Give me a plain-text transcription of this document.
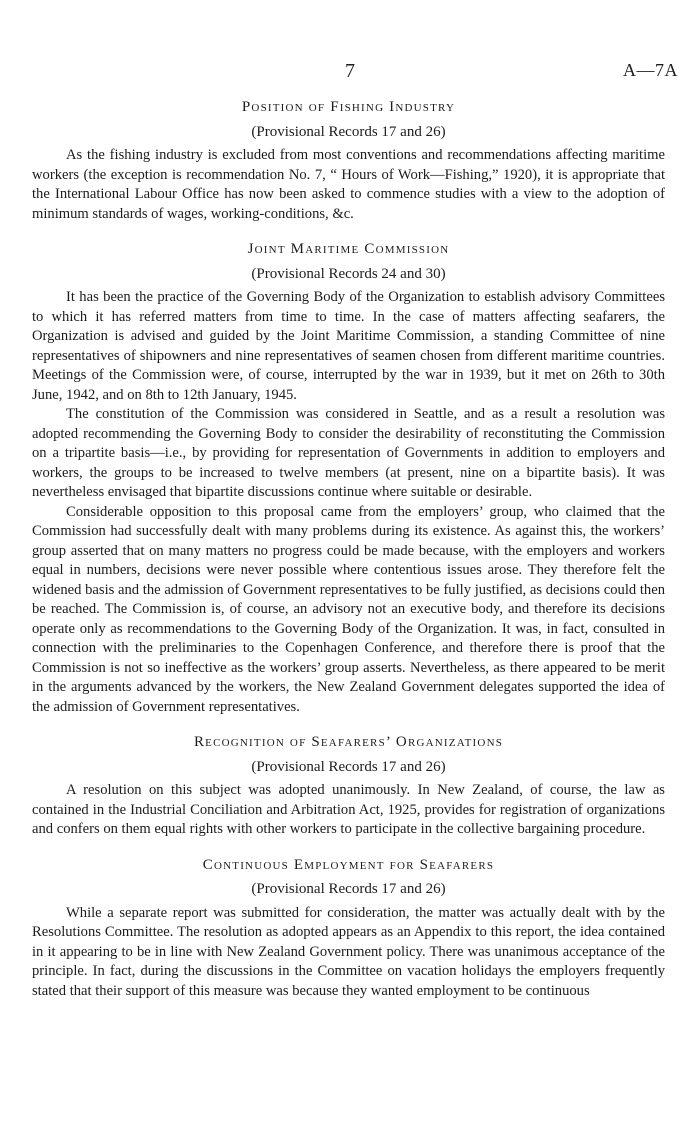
7	A—7A
Position of Fishing Industry
(Provisional Records 17 and 26)

As the fishing industry is excluded from most conventions and recommendations affecting maritime workers (the exception is recommendation No. 7, “ Hours of Work—Fishing,” 1920), it is appropriate that the International Labour Office has now been asked to commence studies with a view to the adoption of minimum standards of wages, working-conditions, &c.

Joint Maritime Commission
(Provisional Records 24 and 30)

It has been the practice of the Governing Body of the Organization to establish advisory Committees to which it has referred matters from time to time. In the case of matters affecting seafarers, the Organization is advised and guided by the Joint Maritime Commission, a standing Committee of nine representatives of shipowners and nine representatives of seamen chosen from different maritime countries. Meetings of the Commission were, of course, interrupted by the war in 1939, but it met on 26th to 30th June, 1942, and on 8th to 12th January, 1945.

The constitution of the Commission was considered in Seattle, and as a result a resolution was adopted recommending the Governing Body to consider the desirability of reconstituting the Commission on a tripartite basis—i.e., by providing for representation of Governments in addition to employers and workers, the groups to be increased to twelve members (at present, nine on a bipartite basis). It was nevertheless envisaged that bipartite discussions continue where suitable or desirable.

Considerable opposition to this proposal came from the employers’ group, who claimed that the Commission had successfully dealt with many problems during its existence. As against this, the workers’ group asserted that on many matters no progress could be made because, with the employers and workers equal in numbers, decisions were never possible where contentious issues arose. They therefore felt the widened basis and the admission of Government representatives to be fully justified, as decisions could then be reached. The Commission is, of course, an advisory not an executive body, and therefore its decisions operate only as recommendations to the Governing Body of the Organization. It was, in fact, consulted in connection with the preliminaries to the Copenhagen Conference, and therefore there is proof that the Commission is not so ineffective as the workers’ group asserts. Nevertheless, as there appeared to be merit in the arguments advanced by the workers, the New Zealand Government delegates supported the idea of the admission of Government representatives.

Recognition of Seafarers’ Organizations
(Provisional Records 17 and 26)

A resolution on this subject was adopted unanimously. In New Zealand, of course, the law as contained in the Industrial Conciliation and Arbitration Act, 1925, provides for registration of organizations and confers on them equal rights with other workers to participate in the collective bargaining procedure.

Continuous Employment for Seafarers
(Provisional Records 17 and 26)

While a separate report was submitted for consideration, the matter was actually dealt with by the Resolutions Committee. The resolution as adopted appears as an Appendix to this report, the idea contained in it appearing to be in line with New Zealand Government policy. There was unanimous acceptance of the principle. In fact, during the discussions in the Committee on vacation holidays the employers frequently stated that their support of this measure was because they wanted employment to be continuous
